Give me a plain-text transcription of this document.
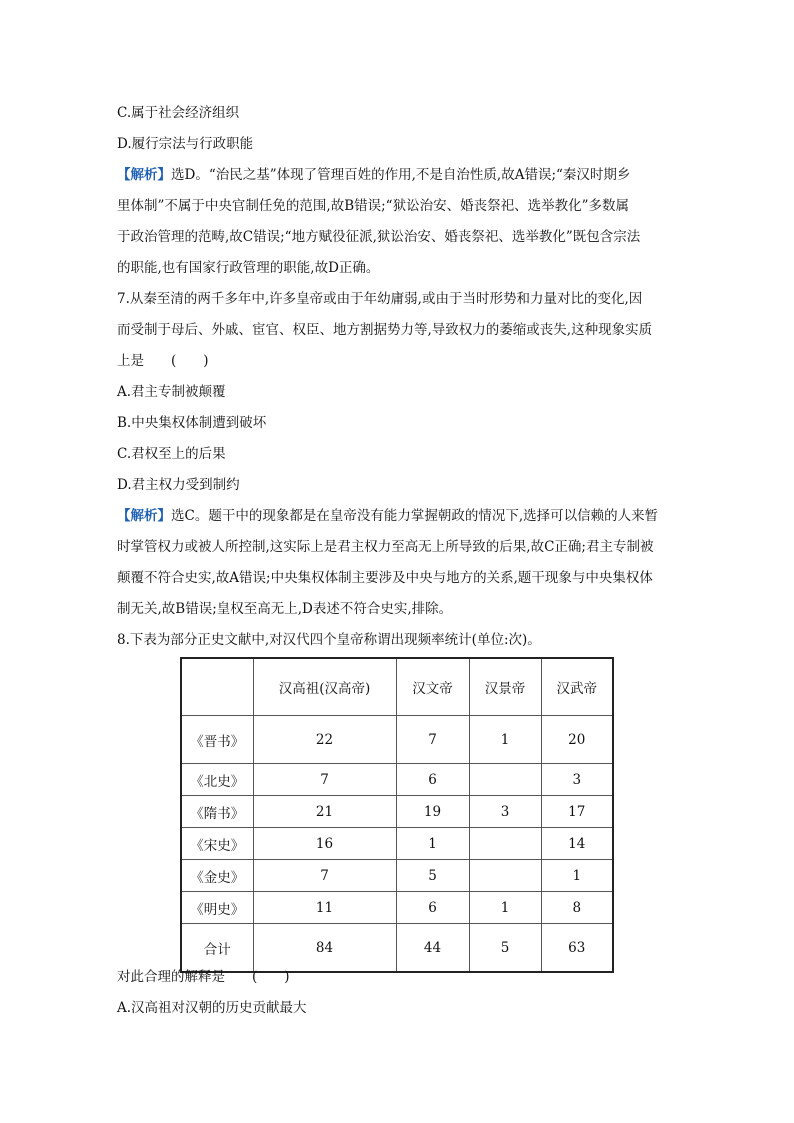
C.属于社会经济组织
D.履行宗法与行政职能
【解析】选D。“治民之基”体现了管理百姓的作用,不是自治性质,故A错误;“秦汉时期乡
里体制”不属于中央官制任免的范围,故B错误;“狱讼治安、婚丧祭祀、选举教化”多数属
于政治管理的范畴,故C错误;“地方赋役征派,狱讼治安、婚丧祭祀、选举教化”既包含宗法
的职能,也有国家行政管理的职能,故D正确。
7.从秦至清的两千多年中,许多皇帝或由于年幼庸弱,或由于当时形势和力量对比的变化,因
而受制于母后、外戚、宦官、权臣、地方割据势力等,导致权力的萎缩或丧失,这种现象实质
上是　　(　　)
A.君主专制被颠覆
B.中央集权体制遭到破坏
C.君权至上的后果
D.君主权力受到制约
【解析】选C。题干中的现象都是在皇帝没有能力掌握朝政的情况下,选择可以信赖的人来暂
时掌管权力或被人所控制,这实际上是君主权力至高无上所导致的后果,故C正确;君主专制被
颠覆不符合史实,故A错误;中央集权体制主要涉及中央与地方的关系,题干现象与中央集权体
制无关,故B错误;皇权至高无上,D表述不符合史实,排除。
8.下表为部分正史文献中,对汉代四个皇帝称谓出现频率统计(单位:次)。
	汉高祖(汉高帝)	汉文帝	汉景帝	汉武帝
《晋书》	22	7	1	20
《北史》	7	6		3
《隋书》	21	19	3	17
《宋史》	16	1		14
《金史》	7	5		1
《明史》	11	6	1	8
合计	84	44	5	63
对此合理的解释是　　(　　)
A.汉高祖对汉朝的历史贡献最大
